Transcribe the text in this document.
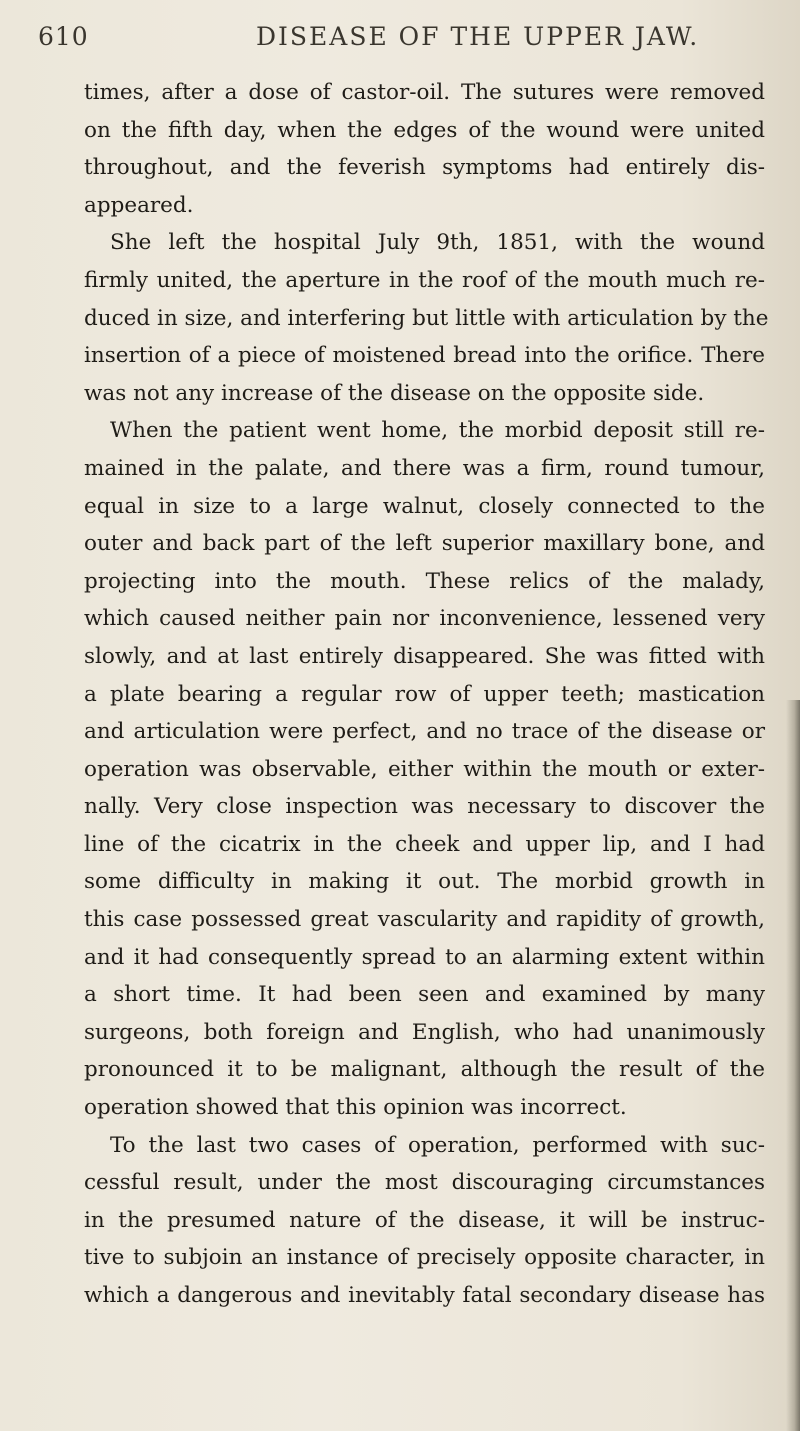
610	DISEASE OF THE UPPER JAW.
times, after a dose of castor-oil. The sutures were removed
on the fifth day, when the edges of the wound were united
throughout, and the feverish symptoms had entirely dis-
appeared.
She left the hospital July 9th, 1851, with the wound
firmly united, the aperture in the roof of the mouth much re-
duced in size, and interfering but little with articulation by the
insertion of a piece of moistened bread into the orifice. There
was not any increase of the disease on the opposite side.
When the patient went home, the morbid deposit still re-
mained in the palate, and there was a firm, round tumour,
equal in size to a large walnut, closely connected to the
outer and back part of the left superior maxillary bone, and
projecting into the mouth. These relics of the malady,
which caused neither pain nor inconvenience, lessened very
slowly, and at last entirely disappeared. She was fitted with
a plate bearing a regular row of upper teeth; mastication
and articulation were perfect, and no trace of the disease or
operation was observable, either within the mouth or exter-
nally. Very close inspection was necessary to discover the
line of the cicatrix in the cheek and upper lip, and I had
some difficulty in making it out. The morbid growth in
this case possessed great vascularity and rapidity of growth,
and it had consequently spread to an alarming extent within
a short time. It had been seen and examined by many
surgeons, both foreign and English, who had unanimously
pronounced it to be malignant, although the result of the
operation showed that this opinion was incorrect.
To the last two cases of operation, performed with suc-
cessful result, under the most discouraging circumstances
in the presumed nature of the disease, it will be instruc-
tive to subjoin an instance of precisely opposite character, in
which a dangerous and inevitably fatal secondary disease has
